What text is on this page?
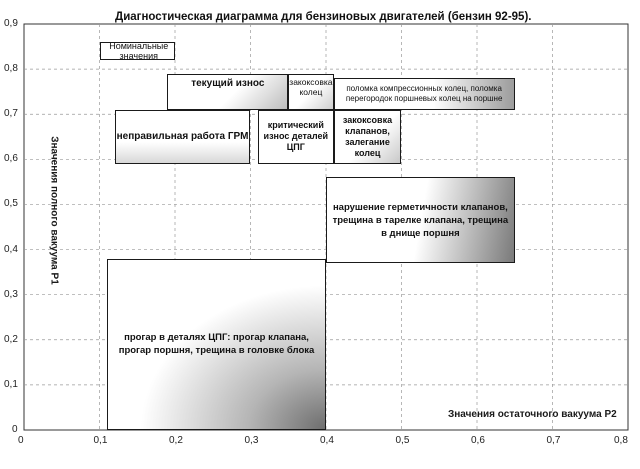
Диагностическая диаграмма для бензиновых двигателей (бензин 92-95).
Значения полного вакуума Р1
Значения остаточного вакуума Р2
0	0,1	0,2	0,3	0,4	0,5	0,6	0,7	0,8
0
0,1
0,2
0,3
0,4
0,5
0,6
0,7
0,8
0,9
Номинальные значения
текущий износ	закоксовка колец	поломка компрессионных колец, поломка перегородок поршневых колец на поршне
неправильная работа ГРМ
критический износ деталей ЦПГ
закоксовка клапанов, залегание колец
нарушение герметичности клапанов, трещина в тарелке клапана, трещина в днище поршня
прогар в деталях ЦПГ: прогар клапана, прогар поршня, трещина в головке блока
